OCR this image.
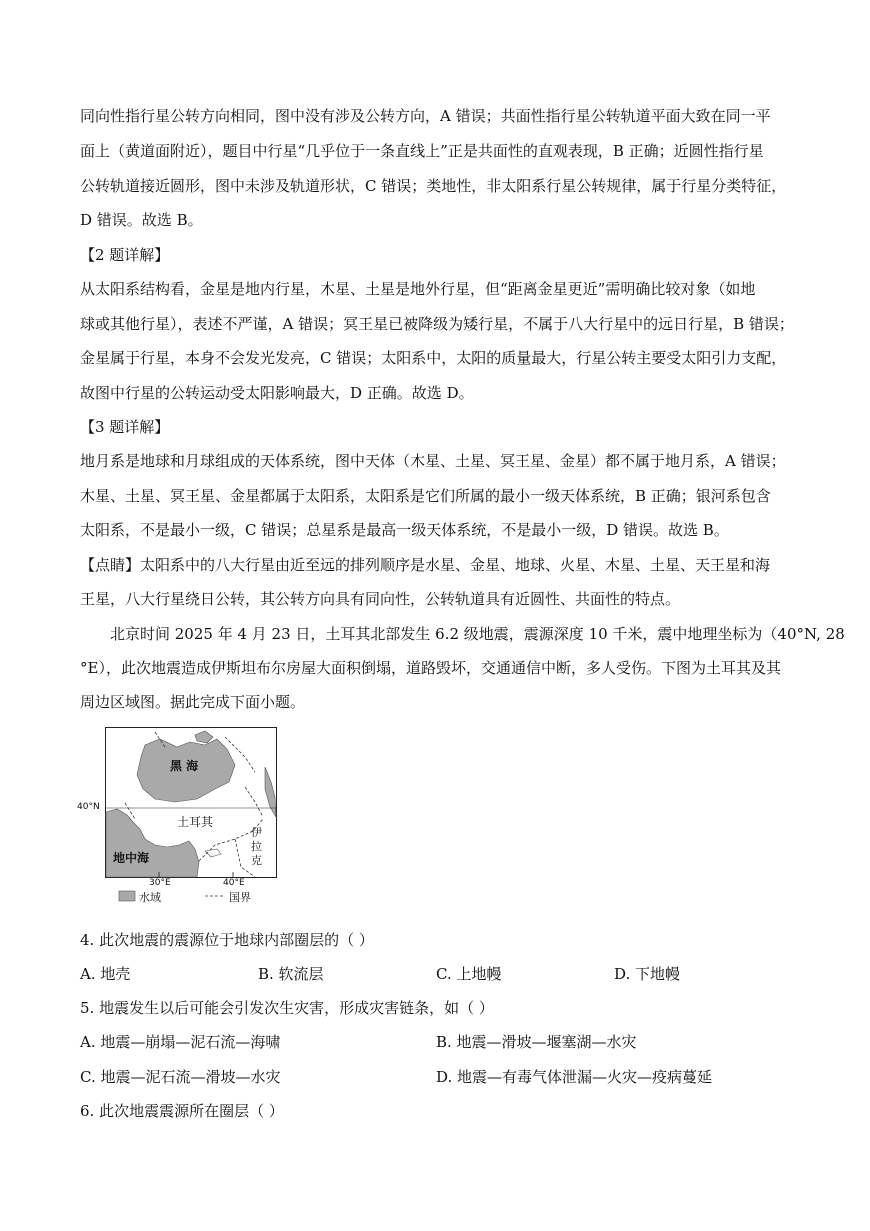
同向性指行星公转方向相同，图中没有涉及公转方向，A 错误；共面性指行星公转轨道平面大致在同一平
面上（黄道面附近），题目中行星“几乎位于一条直线上”正是共面性的直观表现，B 正确；近圆性指行星
公转轨道接近圆形，图中未涉及轨道形状，C 错误；类地性，非太阳系行星公转规律，属于行星分类特征，
D 错误。故选 B。
【2 题详解】
从太阳系结构看，金星是地内行星，木星、土星是地外行星，但“距离金星更近”需明确比较对象（如地
球或其他行星），表述不严谨，A 错误；冥王星已被降级为矮行星，不属于八大行星中的远日行星，B 错误；
金星属于行星，本身不会发光发亮，C 错误；太阳系中，太阳的质量最大，行星公转主要受太阳引力支配，
故图中行星的公转运动受太阳影响最大，D 正确。故选 D。
【3 题详解】
地月系是地球和月球组成的天体系统，图中天体（木星、土星、冥王星、金星）都不属于地月系，A 错误；
木星、土星、冥王星、金星都属于太阳系，太阳系是它们所属的最小一级天体系统，B 正确；银河系包含
太阳系，不是最小一级，C 错误；总星系是最高一级天体系统，不是最小一级，D 错误。故选 B。
【点睛】太阳系中的八大行星由近至远的排列顺序是水星、金星、地球、火星、木星、土星、天王星和海
王星，八大行星绕日公转，其公转方向具有同向性，公转轨道具有近圆性、共面性的特点。
北京时间 2025 年 4 月 23 日，土耳其北部发生 6.2 级地震，震源深度 10 千米，震中地理坐标为（40°N, 28
°E），此次地震造成伊斯坦布尔房屋大面积倒塌，道路毁坏，交通通信中断，多人受伤。下图为土耳其及其
周边区域图。据此完成下面小题。
黑 海
土耳其
地中海
伊
拉
克
40°N
30°E	40°E
水域	国界
4. 此次地震的震源位于地球内部圈层的（ ）
A. 地壳	B. 软流层	C. 上地幔	D. 下地幔
5. 地震发生以后可能会引发次生灾害，形成灾害链条，如（ ）
A. 地震—崩塌—泥石流—海啸	B. 地震—滑坡—堰塞湖—水灾
C. 地震—泥石流—滑坡—水灾	D. 地震—有毒气体泄漏—火灾—疫病蔓延
6. 此次地震震源所在圈层（ ）
